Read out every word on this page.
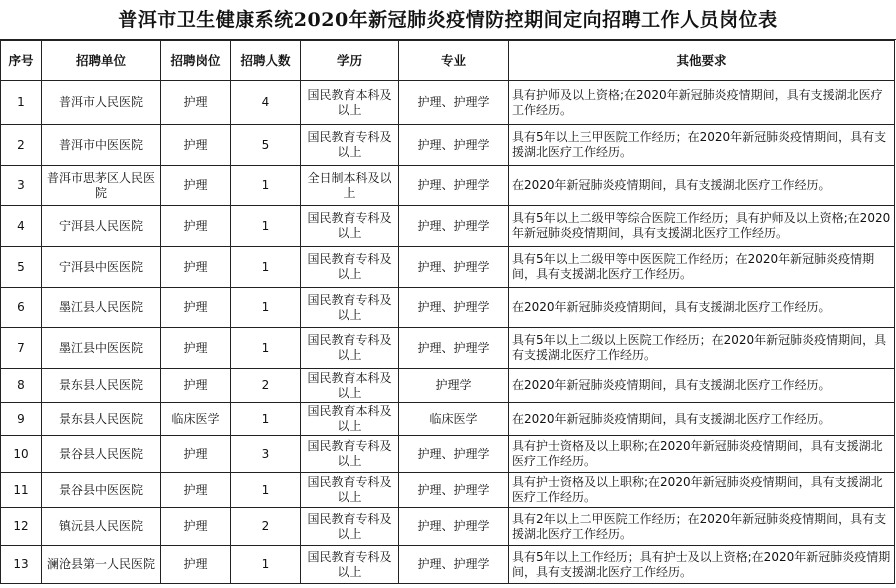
普洱市卫生健康系统2020年新冠肺炎疫情防控期间定向招聘工作人员岗位表
序号	招聘单位	招聘岗位	招聘人数	学历	专业	其他要求
1	普洱市人民医院	护理	4	国民教育本科及以上	护理、护理学	具有护师及以上资格;在2020年新冠肺炎疫情期间，具有支援湖北医疗工作经历。
2	普洱市中医医院	护理	5	国民教育专科及以上	护理、护理学	具有5年以上三甲医院工作经历；在2020年新冠肺炎疫情期间，具有支援湖北医疗工作经历。
3	普洱市思茅区人民医院	护理	1	全日制本科及以上	护理、护理学	在2020年新冠肺炎疫情期间，具有支援湖北医疗工作经历。
4	宁洱县人民医院	护理	1	国民教育专科及以上	护理、护理学	具有5年以上二级甲等综合医院工作经历；具有护师及以上资格;在2020年新冠肺炎疫情期间，具有支援湖北医疗工作经历。
5	宁洱县中医医院	护理	1	国民教育专科及以上	护理、护理学	具有5年以上二级甲等中医医院工作经历；在2020年新冠肺炎疫情期间，具有支援湖北医疗工作经历。
6	墨江县人民医院	护理	1	国民教育专科及以上	护理、护理学	在2020年新冠肺炎疫情期间，具有支援湖北医疗工作经历。
7	墨江县中医医院	护理	1	国民教育专科及以上	护理、护理学	具有5年以上二级以上医院工作经历；在2020年新冠肺炎疫情期间，具有支援湖北医疗工作经历。
8	景东县人民医院	护理	2	国民教育本科及以上	护理学	在2020年新冠肺炎疫情期间，具有支援湖北医疗工作经历。
9	景东县人民医院	临床医学	1	国民教育本科及以上	临床医学	在2020年新冠肺炎疫情期间，具有支援湖北医疗工作经历。
10	景谷县人民医院	护理	3	国民教育专科及以上	护理、护理学	具有护士资格及以上职称;在2020年新冠肺炎疫情期间，具有支援湖北医疗工作经历。
11	景谷县中医医院	护理	1	国民教育专科及以上	护理、护理学	具有护士资格及以上职称;在2020年新冠肺炎疫情期间，具有支援湖北医疗工作经历。
12	镇沅县人民医院	护理	2	国民教育专科及以上	护理、护理学	具有2年以上二甲医院工作经历；在2020年新冠肺炎疫情期间，具有支援湖北医疗工作经历。
13	澜沧县第一人民医院	护理	1	国民教育专科及以上	护理、护理学	具有5年以上工作经历；具有护士及以上资格;在2020年新冠肺炎疫情期间，具有支援湖北医疗工作经历。
